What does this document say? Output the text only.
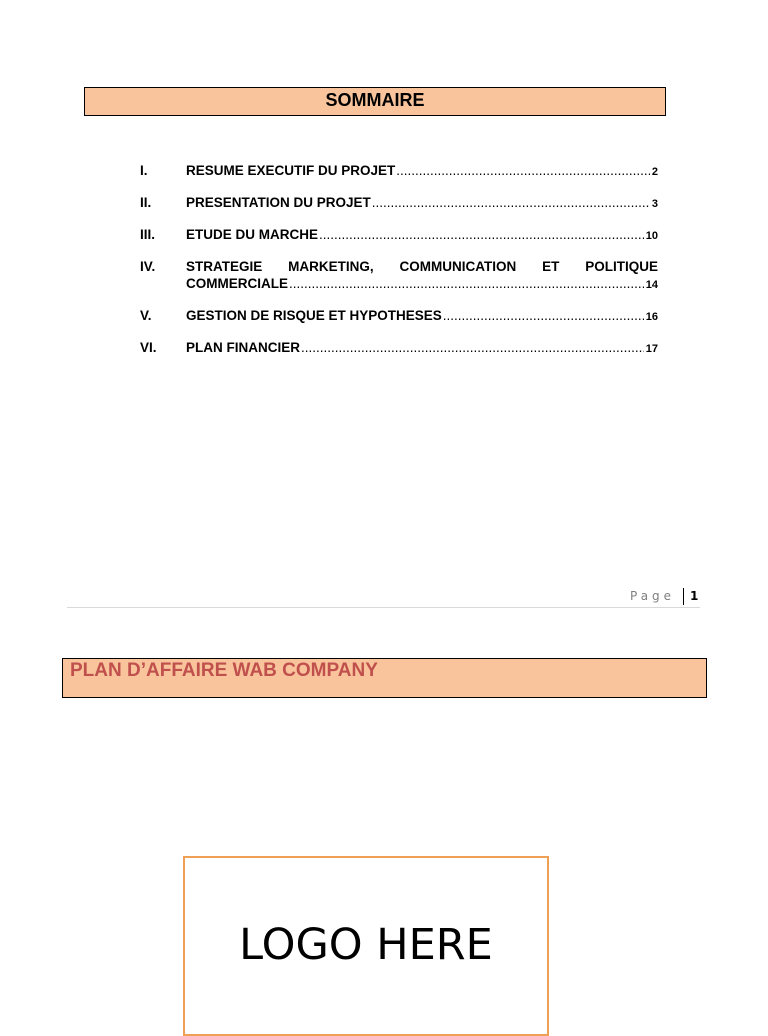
SOMMAIRE
I.	RESUME EXECUTIF DU PROJET .....	2
II.	PRESENTATION DU PROJET .....	3
III.	ETUDE DU MARCHE .....	10
IV.	STRATEGIE MARKETING, COMMUNICATION ET POLITIQUE
COMMERCIALE .....	14
V.	GESTION DE RISQUE ET HYPOTHESES .....	16
VI.	PLAN FINANCIER .....	17
Page 1
PLAN D’AFFAIRE WAB COMPANY
LOGO HERE
